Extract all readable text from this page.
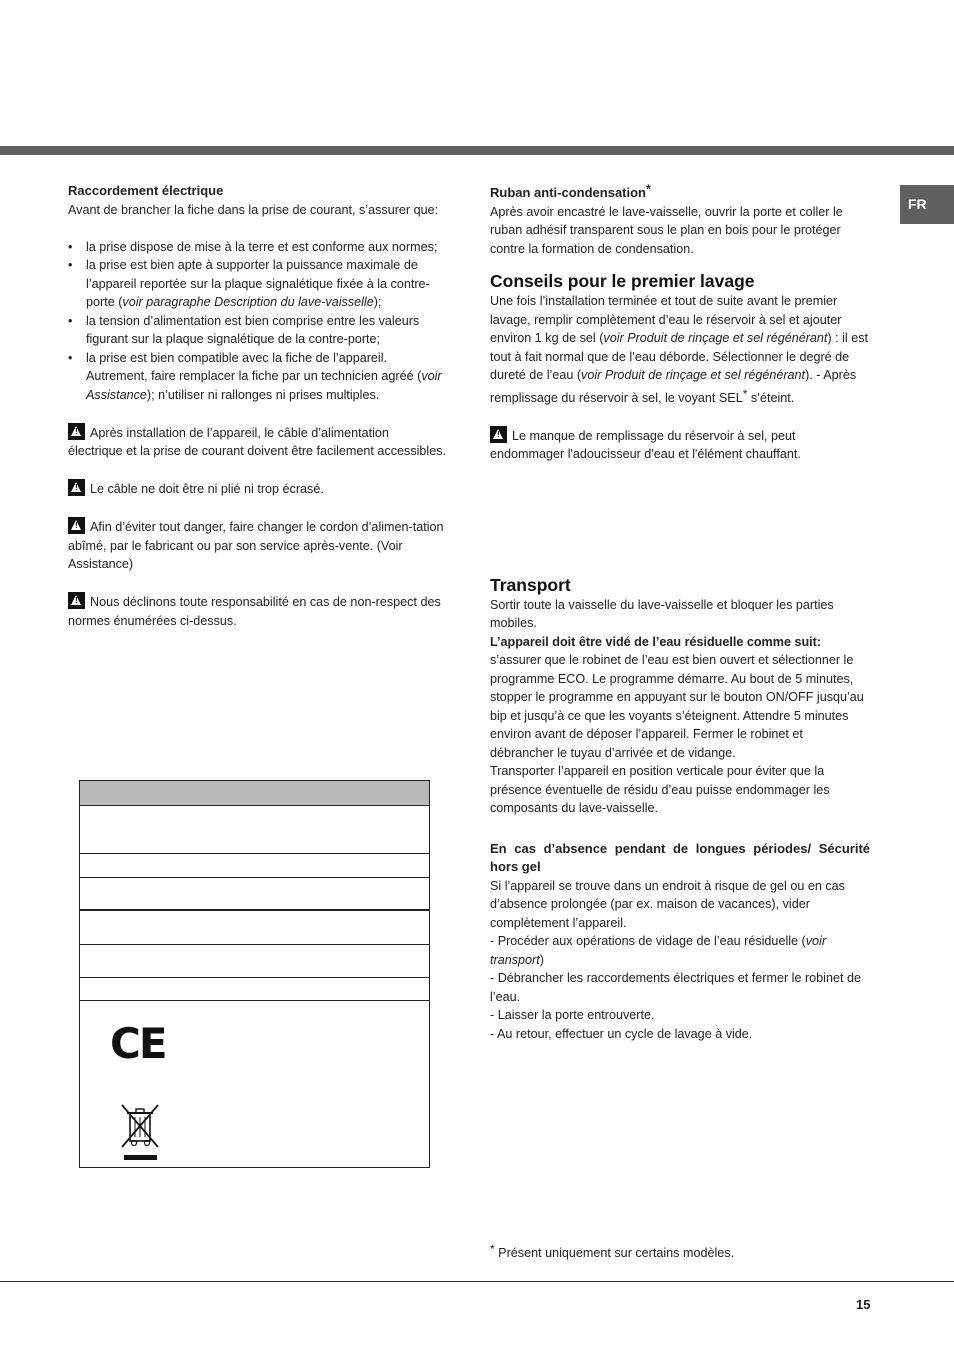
FR

Raccordement électrique

Avant de brancher la fiche dans la prise de courant, s’assurer que:

• la prise dispose de mise à la terre et est conforme aux normes;
• la prise est bien apte à supporter la puissance maximale de l’appareil reportée sur la plaque signalétique fixée à la contre-porte (voir paragraphe Description du lave-vaisselle);
• la tension d’alimentation est bien comprise entre les valeurs figurant sur la plaque signalétique de la contre-porte;
• la prise est bien compatible avec la fiche de l’appareil. Autrement, faire remplacer la fiche par un technicien agréé (voir Assistance); n’utiliser ni rallonges ni prises multiples.

!Après installation de l’appareil, le câble d’alimentation électrique et la prise de courant doivent être facilement accessibles.

!Le câble ne doit être ni plié ni trop écrasé.

!Afin d’éviter tout danger, faire changer le cordon d’alimen-tation abîmé, par le fabricant ou par son service après-vente. (Voir Assistance)

!Nous déclinons toute responsabilité en cas de non-respect des normes énumérées ci-dessus.

CE

Ruban anti-condensation*

Après avoir encastré le lave-vaisselle, ouvrir la porte et coller le ruban adhésif transparent sous le plan en bois pour le protéger contre la formation de condensation.

Conseils pour le premier lavage

Une fois l’installation terminée et tout de suite avant le premier lavage, remplir complètement d’eau le réservoir à sel et ajouter environ 1 kg de sel (voir Produit de rinçage et sel régénérant) : il est tout à fait normal que de l’eau déborde. Sélectionner le degré de dureté de l’eau (voir Produit de rinçage et sel régénérant). - Après remplissage du réservoir à sel, le voyant SEL* s’éteint.

!Le manque de remplissage du réservoir à sel, peut endommager l'adoucisseur d'eau et l'élément chauffant.

Transport

Sortir toute la vaisselle du lave-vaisselle et bloquer les parties mobiles.

L’appareil doit être vidé de l’eau résiduelle comme suit:

s’assurer que le robinet de l’eau est bien ouvert et sélectionner le programme ECO. Le programme démarre. Au bout de 5 minutes, stopper le programme en appuyant sur le bouton ON/OFF jusqu’au bip et jusqu’à ce que les voyants s’éteignent. Attendre 5 minutes environ avant de déposer l’appareil. Fermer le robinet et débrancher le tuyau d’arrivée et de vidange.

Transporter l’appareil en position verticale pour éviter que la présence éventuelle de résidu d’eau puisse endommager les composants du lave-vaisselle.

En cas d’absence pendant de longues périodes/ Sécurité hors gel

Si l’appareil se trouve dans un endroit à risque de gel ou en cas d’absence prolongée (par ex. maison de vacances), vider complètement l’appareil.

- Procéder aux opérations de vidage de l’eau résiduelle (voir transport)

- Débrancher les raccordements électriques et fermer le robinet de l’eau.

- Laisser la porte entrouverte.

- Au retour, effectuer un cycle de lavage à vide.

* Présent uniquement sur certains modèles.
15
